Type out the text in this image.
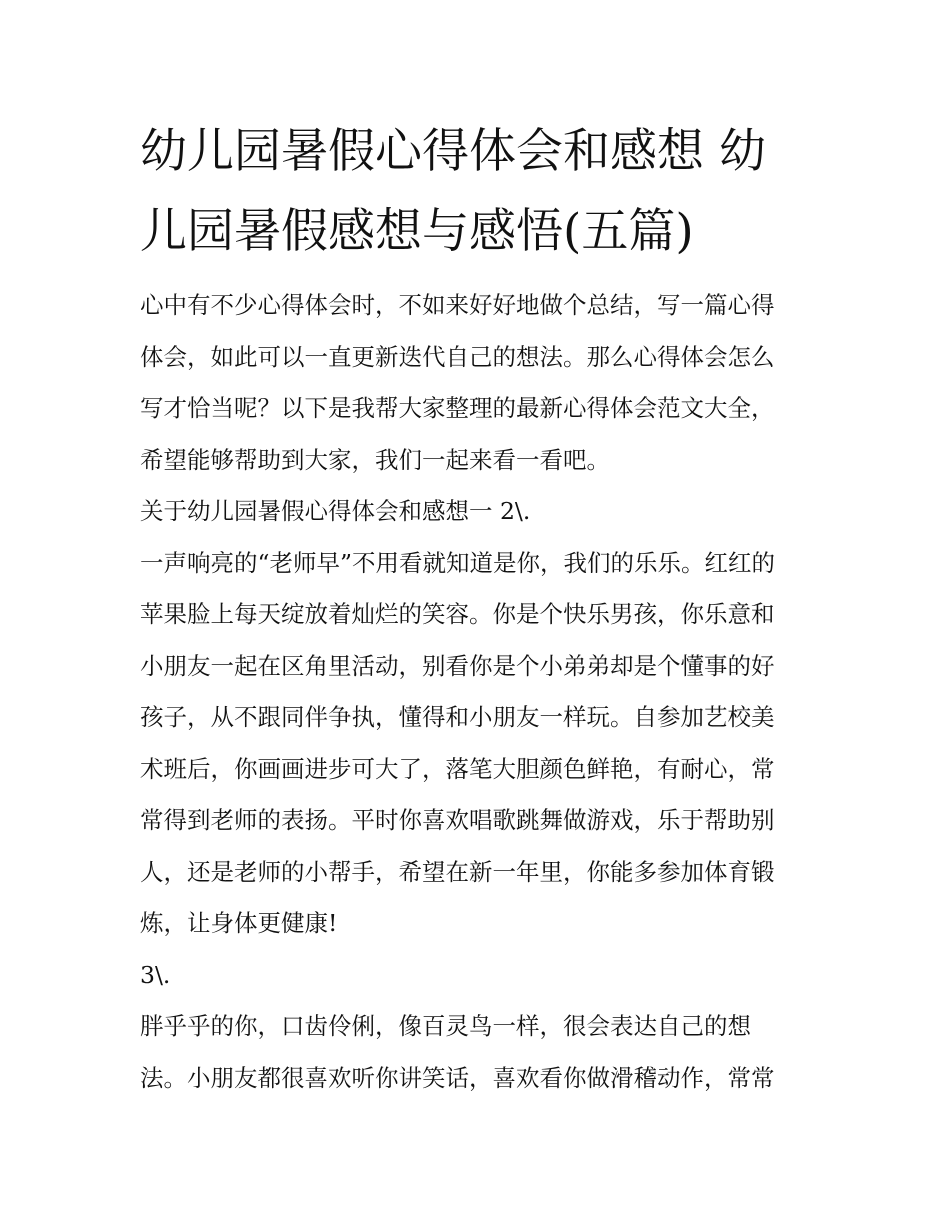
幼儿园暑假心得体会和感想 幼
儿园暑假感想与感悟(五篇)
心中有不少心得体会时，不如来好好地做个总结，写一篇心得
体会，如此可以一直更新迭代自己的想法。那么心得体会怎么
写才恰当呢？以下是我帮大家整理的最新心得体会范文大全，
希望能够帮助到大家，我们一起来看一看吧。
关于幼儿园暑假心得体会和感想一 2\.
一声响亮的“老师早”不用看就知道是你，我们的乐乐。红红的
苹果脸上每天绽放着灿烂的笑容。你是个快乐男孩，你乐意和
小朋友一起在区角里活动，别看你是个小弟弟却是个懂事的好
孩子，从不跟同伴争执，懂得和小朋友一样玩。自参加艺校美
术班后，你画画进步可大了，落笔大胆颜色鲜艳，有耐心，常
常得到老师的表扬。平时你喜欢唱歌跳舞做游戏，乐于帮助别
人，还是老师的小帮手，希望在新一年里，你能多参加体育锻
炼，让身体更健康!
3\.
胖乎乎的你，口齿伶俐，像百灵鸟一样，很会表达自己的想
法。小朋友都很喜欢听你讲笑话，喜欢看你做滑稽动作，常常
